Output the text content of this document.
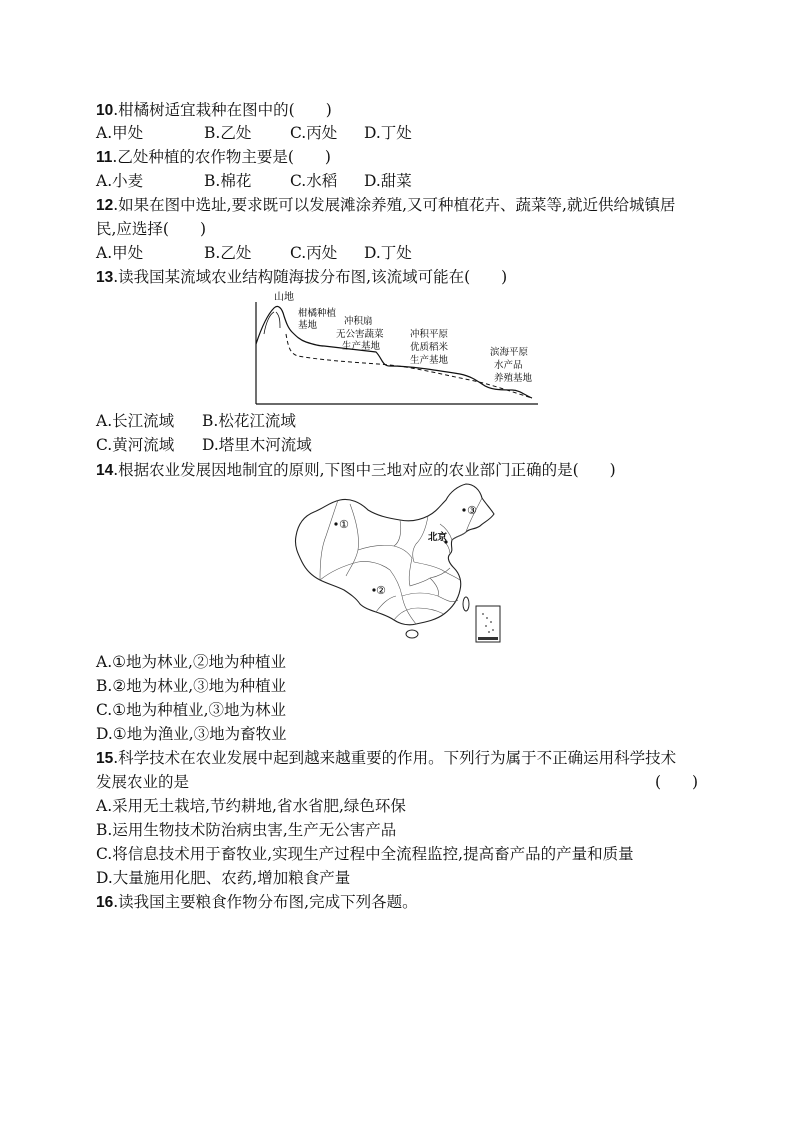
10.柑橘树适宜栽种在图中的(　　)
A.甲处	B.乙处 C.丙处 D.丁处
11.乙处种植的农作物主要是(　　)
A.小麦	B.棉花 C.水稻 D.甜菜
12.如果在图中选址,要求既可以发展滩涂养殖,又可种植花卉、蔬菜等,就近供给城镇居
民,应选择(　　)
A.甲处	B.乙处 C.丙处 D.丁处
13.读我国某流域农业结构随海拔分布图,该流域可能在(　　)
山地
柑橘种植
基地	冲积扇
无公害蔬菜
生产基地
冲积平原
优质稻米
生产基地
滨海平原
水产品
养殖基地
A.长江流域 B.松花江流域
C.黄河流域 D.塔里木河流域
14.根据农业发展因地制宜的原则,下图中三地对应的农业部门正确的是(　　)
①
②
③
北京
A.①地为林业,②地为种植业
B.②地为林业,③地为种植业
C.①地为种植业,③地为林业
D.①地为渔业,③地为畜牧业
15.科学技术在农业发展中起到越来越重要的作用。下列行为属于不正确运用科学技术
发展农业的是	(　　)
A.采用无土栽培,节约耕地,省水省肥,绿色环保
B.运用生物技术防治病虫害,生产无公害产品
C.将信息技术用于畜牧业,实现生产过程中全流程监控,提高畜产品的产量和质量
D.大量施用化肥、农药,增加粮食产量
16.读我国主要粮食作物分布图,完成下列各题。
